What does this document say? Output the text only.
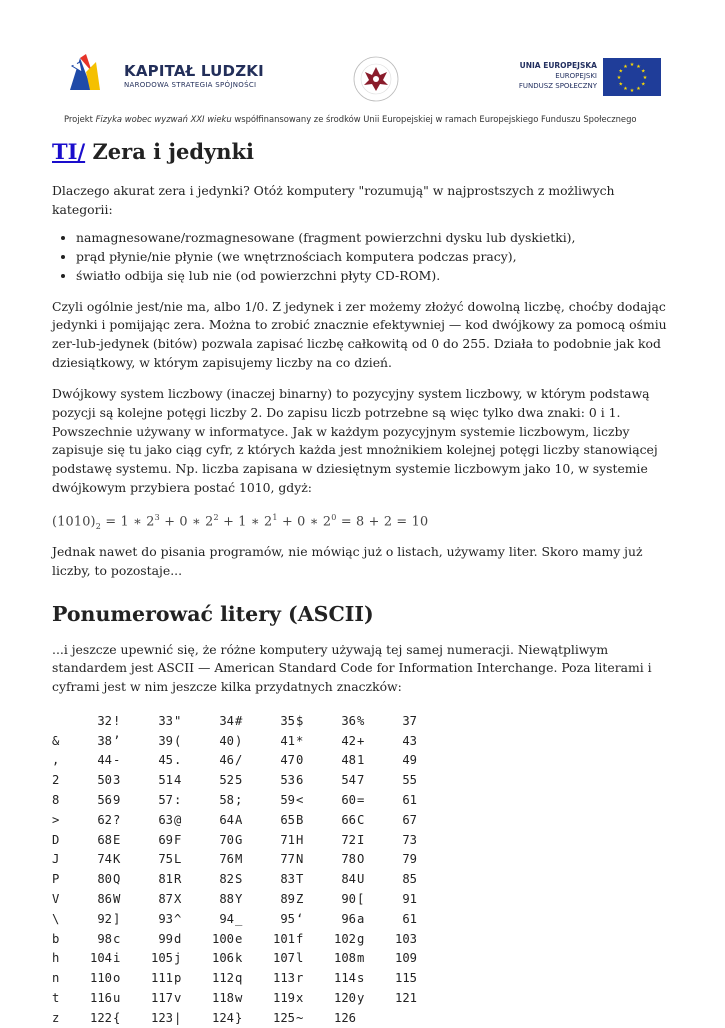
KAPITAŁ LUDZKI
NARODOWA STRATEGIA SPÓJNOŚCI
UNIA EUROPEJSKA
EUROPEJSKI
FUNDUSZ SPOŁECZNY
★ ★
★
★
★
★
★
★
★
★
★
★
Projekt Fizyka wobec wyzwań XXI wieku współfinansowany ze środków Unii Europejskiej w ramach Europejskiego Funduszu Społecznego
TI/ Zera i jedynki

Dlaczego akurat zera i jedynki? Otóż komputery "rozumują" w najprostszych z możliwych kategorii:

• namagnesowane/rozmagnesowane (fragment powierzchni dysku lub dyskietki),
• prąd płynie/nie płynie (we wnętrznościach komputera podczas pracy),
• światło odbija się lub nie (od powierzchni płyty CD-ROM).

Czyli ogólnie jest/nie ma, albo 1/0. Z jedynek i zer możemy złożyć dowolną liczbę, choćby dodając jedynki i pomijając zera. Można to zrobić znacznie efektywniej — kod dwójkowy za pomocą ośmiu zer-lub-jedynek (bitów) pozwala zapisać liczbę całkowitą od 0 do 255. Działa to podobnie jak kod dziesiątkowy, w którym zapisujemy liczby na co dzień.

Dwójkowy system liczbowy (inaczej binarny) to pozycyjny system liczbowy, w którym podstawą pozycji są kolejne potęgi liczby 2. Do zapisu liczb potrzebne są więc tylko dwa znaki: 0 i 1. Powszechnie używany w informatyce. Jak w każdym pozycyjnym systemie liczbowym, liczby zapisuje się tu jako ciąg cyfr, z których każda jest mnożnikiem kolejnej potęgi liczby stanowiącej podstawę systemu. Np. liczba zapisana w dziesiętnym systemie liczbowym jako 10, w systemie dwójkowym przybiera postać 1010, gdyż:

$(1010)_2 = 1$ ∗ $2^3 + 0$ ∗ $2^2 + 1$ ∗ $2^1 + 0$ ∗ $2^0 = 8 + 2 = 10$

Jednak nawet do pisania programów, nie mówiąc już o listach, używamy liter. Skoro mamy już liczby, to pozostaje...

Ponumerować litery (ASCII)

...i jeszcze upewnić się, że różne komputery używają tej samej numeracji. Niewątpliwym standardem jest ASCII — American Standard Code for Information Interchange. Poza literami i cyframi jest w nim jeszcze kilka przydatnych znaczków:

	32	!	33	"	34	#	35	$	36	%	37
&	38	’	39	(	40	)	41	*	42	+	43
,	44	-	45	.	46	/	47	0	48	1	49
2	50	3	51	4	52	5	53	6	54	7	55
8	56	9	57	:	58	;	59	<	60	=	61
>	62	?	63	@	64	A	65	B	66	C	67
D	68	E	69	F	70	G	71	H	72	I	73
J	74	K	75	L	76	M	77	N	78	O	79
P	80	Q	81	R	82	S	83	T	84	U	85
V	86	W	87	X	88	Y	89	Z	90	[	91
\	92	]	93	^	94	_	95	‘	96	a	61
b	98	c	99	d	100	e	101	f	102	g	103
h	104	i	105	j	106	k	107	l	108	m	109
n	110	o	111	p	112	q	113	r	114	s	115
t	116	u	117	v	118	w	119	x	120	y	121
z	122	{	123	|	124	}	125	~	126		
